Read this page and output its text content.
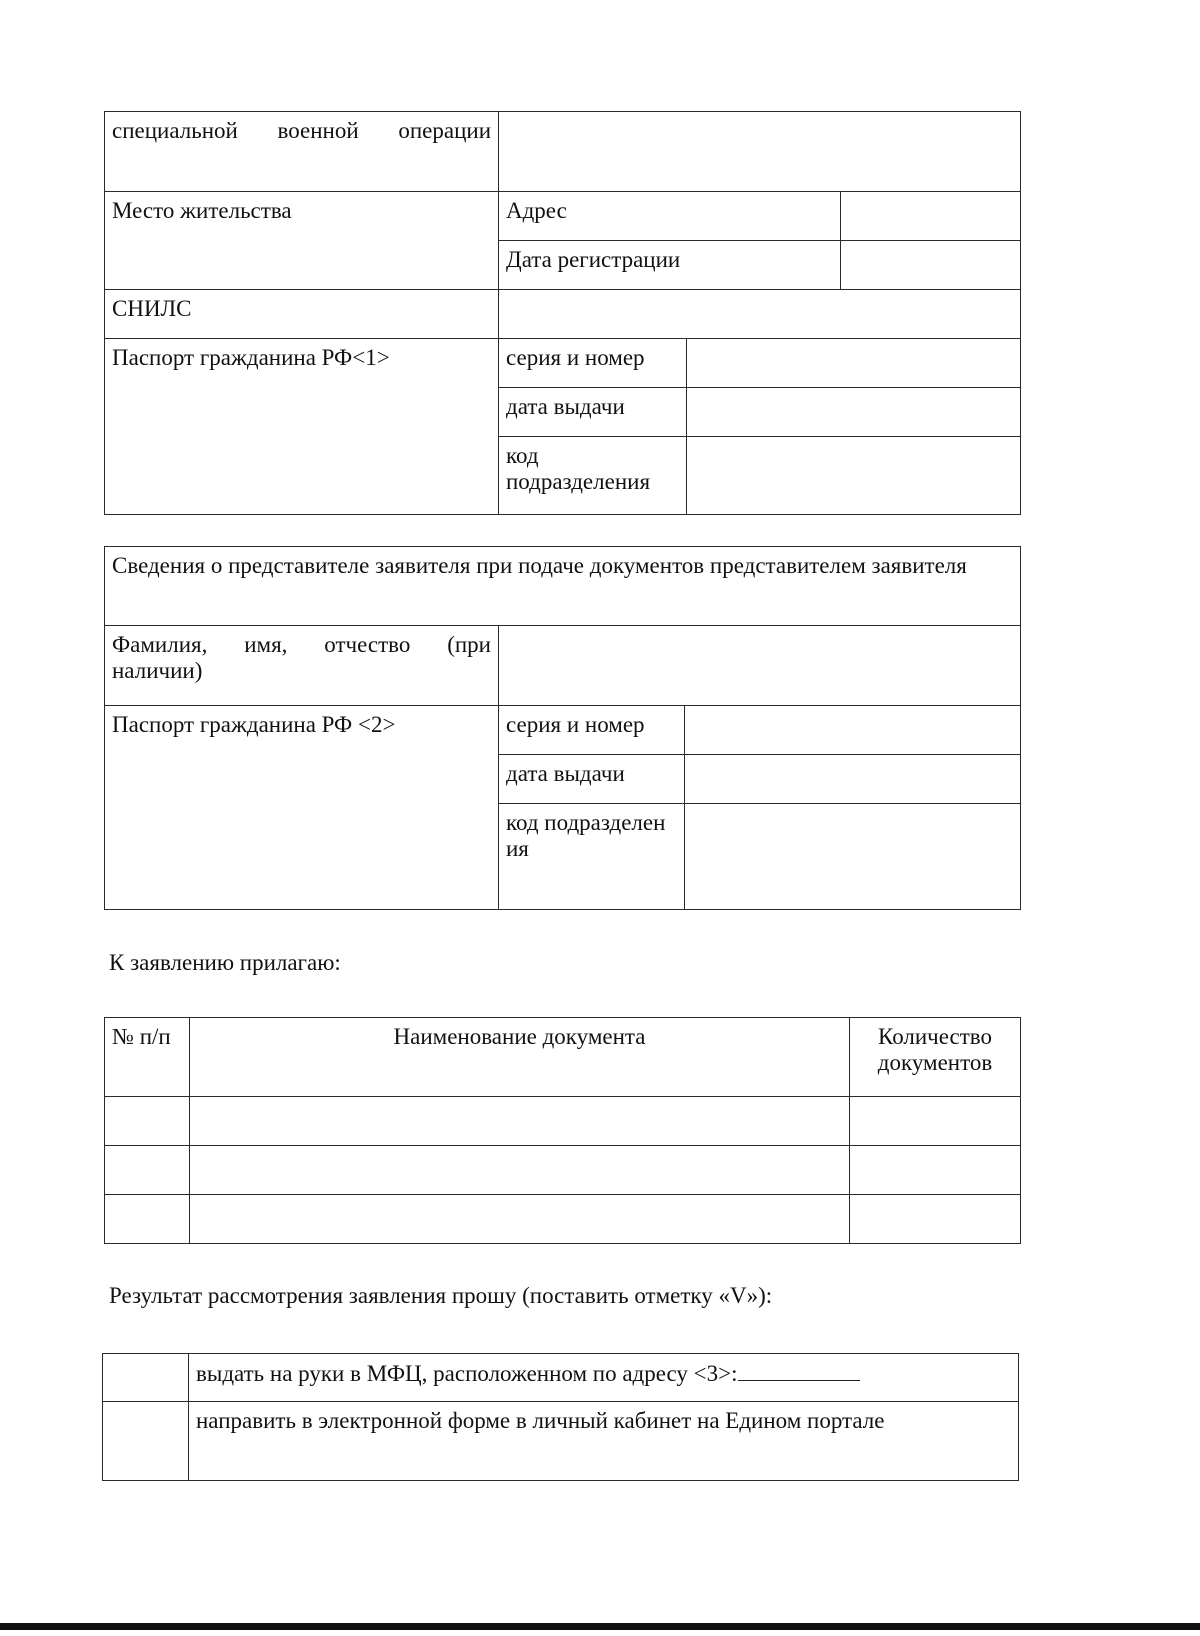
специальной военной операции			

Место жительства	Адрес		
	Дата регистрации		
СНИЛС			
Паспорт гражданина РФ<1>	серия и номер		
	дата выдачи		
	код подразделения		
Сведения о представителе заявителя при подаче документов представителем заявителя		

Фамилия, имя, отчество (при наличии)		
Паспорт гражданина РФ <2>	серия и номер	
	дата выдачи	
	код подразделения	
К заявлению прилагаю:
№ п/п	Наименование документа	Количество документов

Результат рассмотрения заявления прошу (поставить отметку «V»):
	выдать на руки в МФЦ, расположенном по адресу <3>:
	направить в электронной форме в личный кабинет на Едином портале
